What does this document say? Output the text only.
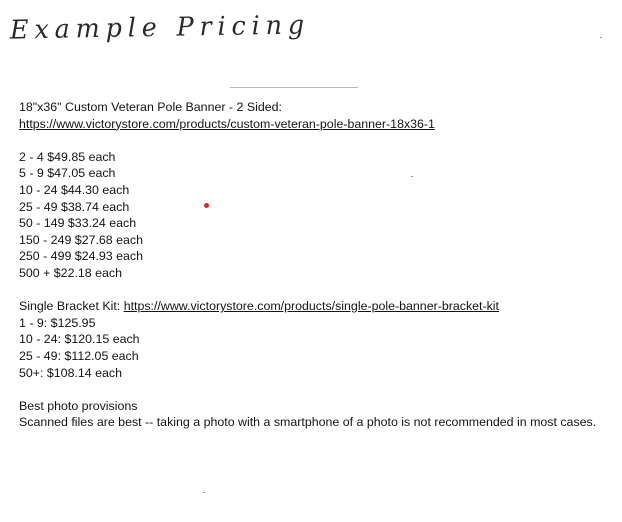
Example Pricing
18"x36" Custom Veteran Pole Banner - 2 Sided:
https://www.victorystore.com/products/custom-veteran-pole-banner-18x36-1
2 - 4 $49.85 each
5 - 9 $47.05 each
10 - 24 $44.30 each
25 - 49 $38.74 each
50 - 149 $33.24 each
150 - 249 $27.68 each
250 - 499 $24.93 each
500 + $22.18 each
Single Bracket Kit: https://www.victorystore.com/products/single-pole-banner-bracket-kit
1 - 9: $125.95
10 - 24: $120.15 each
25 - 49: $112.05 each
50+: $108.14 each
Best photo provisions
Scanned files are best -- taking a photo with a smartphone of a photo is not recommended in most cases.
